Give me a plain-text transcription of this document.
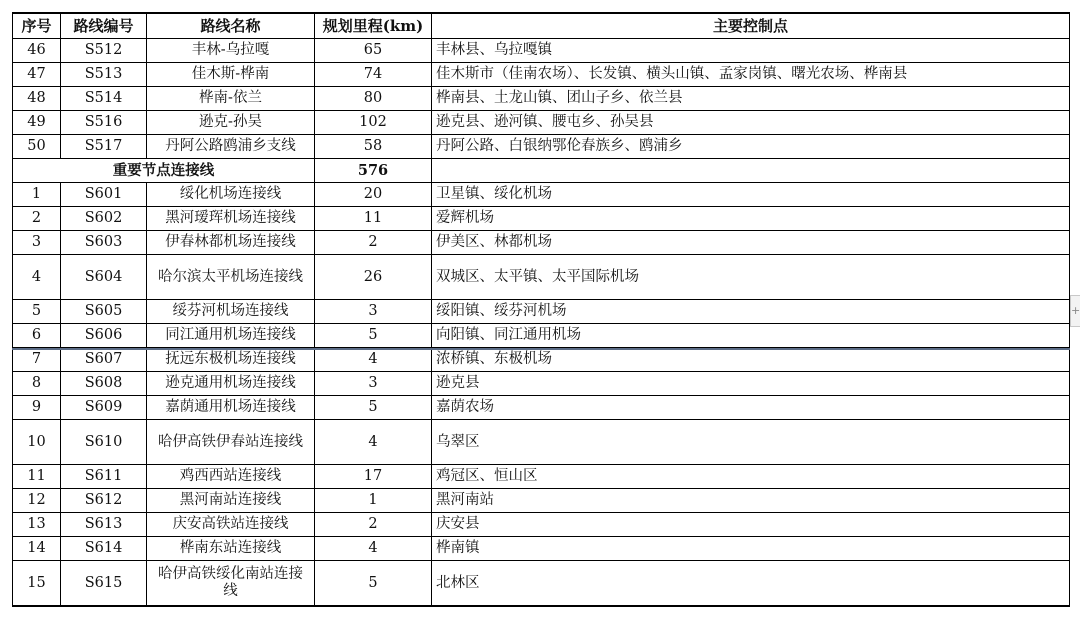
序号	路线编号	路线名称	规划里程(km)	主要控制点
46	S512	丰林-乌拉嘎	65	丰林县、乌拉嘎镇
47	S513	佳木斯-桦南	74	佳木斯市（佳南农场）、长发镇、横头山镇、孟家岗镇、曙光农场、桦南县
48	S514	桦南-依兰	80	桦南县、土龙山镇、团山子乡、依兰县
49	S516	逊克-孙吴	102	逊克县、逊河镇、腰屯乡、孙吴县
50	S517	丹阿公路鸥浦乡支线	58	丹阿公路、白银纳鄂伦春族乡、鸥浦乡
重要节点连接线			576	
1	S601	绥化机场连接线	20	卫星镇、绥化机场
2	S602	黑河瑷珲机场连接线	11	爱辉机场
3	S603	伊春林都机场连接线	2	伊美区、林都机场
4	S604	哈尔滨太平机场连接线	26	双城区、太平镇、太平国际机场
5	S605	绥芬河机场连接线	3	绥阳镇、绥芬河机场
6	S606	同江通用机场连接线	5	向阳镇、同江通用机场
7	S607	抚远东极机场连接线	4	浓桥镇、东极机场
8	S608	逊克通用机场连接线	3	逊克县
9	S609	嘉荫通用机场连接线	5	嘉荫农场
10	S610	哈伊高铁伊春站连接线	4	乌翠区
11	S611	鸡西西站连接线	17	鸡冠区、恒山区
12	S612	黑河南站连接线	1	黑河南站
13	S613	庆安高铁站连接线	2	庆安县
14	S614	桦南东站连接线	4	桦南镇
15	S615	哈伊高铁绥化南站连接线	5	北林区
+
